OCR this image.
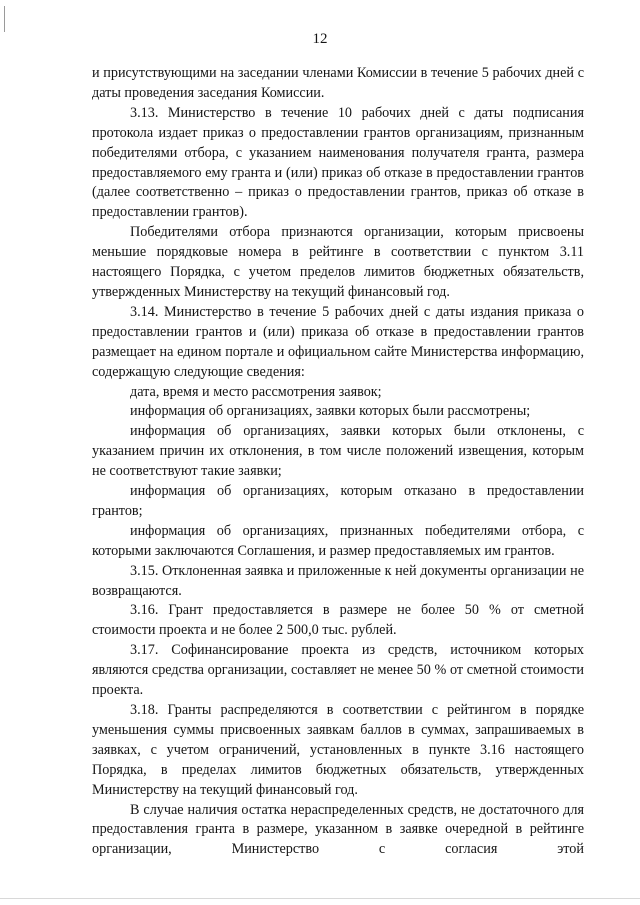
12

и присутствующими на заседании членами Комиссии в течение 5 рабочих дней с даты проведения заседания Комиссии.

3.13. Министерство в течение 10 рабочих дней с даты подписания протокола издает приказ о предоставлении грантов организациям, признанным победителями отбора, с указанием наименования получателя гранта, размера предоставляемого ему гранта и (или) приказ об отказе в предоставлении грантов (далее соответственно – приказ о предоставлении грантов, приказ об отказе в предоставлении грантов).

Победителями отбора признаются организации, которым присвоены меньшие порядковые номера в рейтинге в соответствии с пунктом 3.11 настоящего Порядка, с учетом пределов лимитов бюджетных обязательств, утвержденных Министерству на текущий финансовый год.

3.14. Министерство в течение 5 рабочих дней с даты издания приказа о предоставлении грантов и (или) приказа об отказе в предоставлении грантов размещает на едином портале и официальном сайте Министерства информацию, содержащую следующие сведения:

дата, время и место рассмотрения заявок;

информация об организациях, заявки которых были рассмотрены;

информация об организациях, заявки которых были отклонены, с указанием причин их отклонения, в том числе положений извещения, которым не соответствуют такие заявки;

информация об организациях, которым отказано в предоставлении грантов;

информация об организациях, признанных победителями отбора, с которыми заключаются Соглашения, и размер предоставляемых им грантов.

3.15. Отклоненная заявка и приложенные к ней документы организации не возвращаются.

3.16. Грант предоставляется в размере не более 50 % от сметной стоимости проекта и не более 2 500,0 тыс. рублей.

3.17. Софинансирование проекта из средств, источником которых являются средства организации, составляет не менее 50 % от сметной стоимости проекта.

3.18. Гранты распределяются в соответствии с рейтингом в порядке уменьшения суммы присвоенных заявкам баллов в суммах, запрашиваемых в заявках, с учетом ограничений, установленных в пункте 3.16 настоящего Порядка, в пределах лимитов бюджетных обязательств, утвержденных Министерству на текущий финансовый год.

В случае наличия остатка нераспределенных средств, не достаточного для предоставления гранта в размере, указанном в заявке очередной в рейтинге организации, Министерство с согласия этой
